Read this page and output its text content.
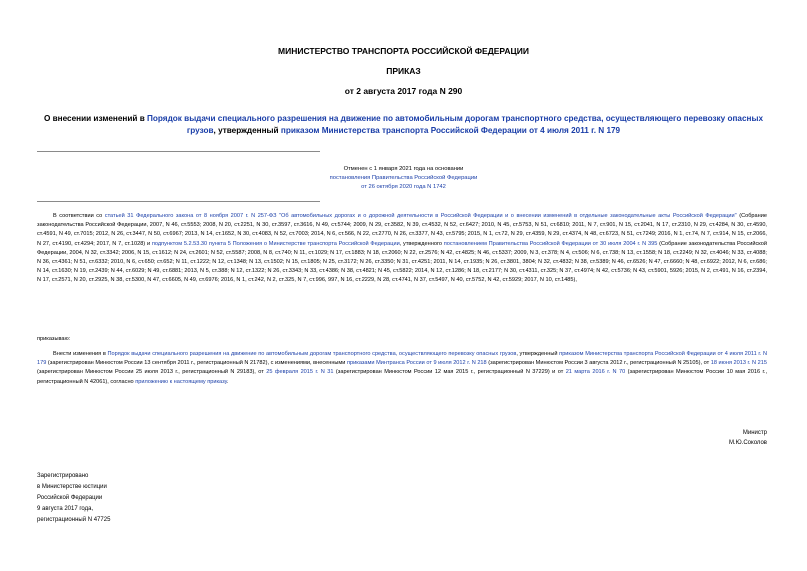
МИНИСТЕРСТВО ТРАНСПОРТА РОССИЙСКОЙ ФЕДЕРАЦИИ
ПРИКАЗ
от 2 августа 2017 года N 290
О внесении изменений в Порядок выдачи специального разрешения на движение по автомобильным дорогам транспортного средства, осуществляющего перевозку опасных грузов, утвержденный приказом Министерства транспорта Российской Федерации от 4 июля 2011 г. N 179
Отменен с 1 января 2021 года на основании
постановления Правительства Российской Федерации
от 26 октября 2020 года N 1742
В соответствии со статьей 31 Федерального закона от 8 ноября 2007 г. N 257-ФЗ "Об автомобильных дорогах и о дорожной деятельности в Российской Федерации и о внесении изменений в отдельные законодательные акты Российской Федерации" (Собрание законодательства Российской Федерации, 2007, N 46, ст.5553; 2008, N 20, ст.2251, N 30, ст.3597, ст.3616, N 49, ст.5744; 2009, N 29, ст.3582, N 39, ст.4532, N 52, ст.6427; 2010, N 45, ст.5753, N 51, ст.6810; 2011, N 7, ст.901, N 15, ст.2041, N 17, ст.2310, N 29, ст.4284, N 30, ст.4590, ст.4591, N 49, ст.7015; 2012, N 26, ст.3447, N 50, ст.6967; 2013, N 14, ст.1652, N 30, ст.4083, N 52, ст.7003; 2014, N 6, ст.566, N 22, ст.2770, N 26, ст.3377, N 43, ст.5795; 2015, N 1, ст.72, N 29, ст.4359, N 29, ст.4374, N 48, ст.6723, N 51, ст.7249; 2016, N 1, ст.74, N 7, ст.914, N 15, ст.2066, N 27, ст.4190, ст.4294; 2017, N 7, ст.1028) и подпунктом 5.2.53.30 пункта 5 Положения о Министерстве транспорта Российской Федерации, утвержденного постановлением Правительства Российской Федерации от 30 июля 2004 г. N 395 (Собрание законодательства Российской Федерации, 2004, N 32, ст.3342; 2006, N 15, ст.1612; N 24, ст.2601; N 52, ст.5587; 2008, N 8, ст.740; N 11, ст.1029; N 17, ст.1883; N 18, ст.2060; N 22, ст.2576; N 42, ст.4825; N 46, ст.5337; 2009, N 3, ст.378; N 4, ст.506; N 6, ст.738; N 13, ст.1558; N 18, ст.2249; N 32, ст.4046; N 33, ст.4088; N 36, ст.4361; N 51, ст.6332; 2010, N 6, ст.650; ст.652; N 11, ст.1222; N 12, ст.1348; N 13, ст.1502; N 15, ст.1805; N 25, ст.3172; N 26, ст.3350; N 31, ст.4251; 2011, N 14, ст.1935; N 26, ст.3801, 3804; N 32, ст.4832; N 38, ст.5389; N 46, ст.6526; N 47, ст.6660; N 48, ст.6922; 2012, N 6, ст.686; N 14, ст.1630; N 19, ст.2439; N 44, ст.6029; N 49, ст.6881; 2013, N 5, ст.388; N 12, ст.1322; N 26, ст.3343; N 33, ст.4386; N 38, ст.4821; N 45, ст.5822; 2014, N 12, ст.1286; N 18, ст.2177; N 30, ст.4311, ст.325; N 37, ст.4974; N 42, ст.5736; N 43, ст.5901, 5926; 2015, N 2, ст.491, N 16, ст.2394, N 17, ст.2571, N 20, ст.2925, N 38, ст.5300, N 47, ст.6605, N 49, ст.6976; 2016, N 1, ст.242, N 2, ст.325, N 7, ст.996, 997, N 16, ст.2229, N 28, ст.4741, N 37, ст.5497, N 40, ст.5752, N 42, ст.5929; 2017, N 10, ст.1485),
приказываю:
Внести изменения в Порядок выдачи специального разрешения на движение по автомобильным дорогам транспортного средства, осуществляющего перевозку опасных грузов, утвержденный приказом Министерства транспорта Российской Федерации от 4 июля 2011 г. N 179 (зарегистрирован Минюстом России 13 сентября 2011 г., регистрационный N 21782), с изменениями, внесенными приказами Минтранса России от 9 июля 2012 г. N 218 (зарегистрирован Минюстом России 3 августа 2012 г., регистрационный N 25105), от 18 июня 2013 г. N 215 (зарегистрирован Минюстом России 25 июля 2013 г., регистрационный N 29183), от 25 февраля 2015 г. N 31 (зарегистрирован Минюстом России 12 мая 2015 г., регистрационный N 37229) и от 21 марта 2016 г. N 70 (зарегистрирован Минюстом России 10 мая 2016 г., регистрационный N 42061), согласно приложению к настоящему приказу.
Министр
М.Ю.Соколов
Зарегистрировано
в Министерстве юстиции
Российской Федерации
9 августа 2017 года,
регистрационный N 47725
